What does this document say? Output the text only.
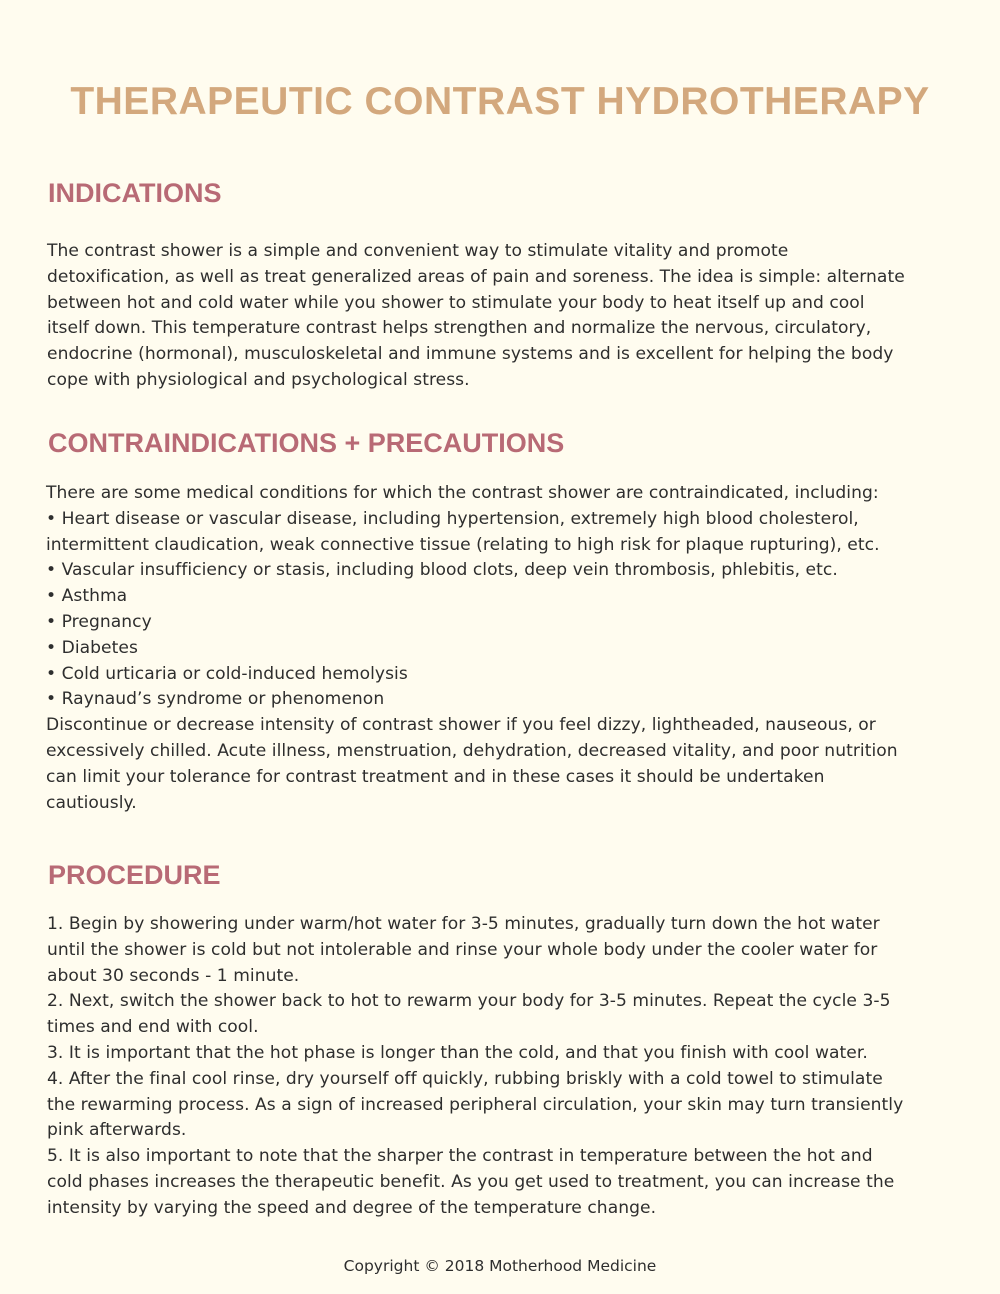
THERAPEUTIC CONTRAST HYDROTHERAPY
INDICATIONS
The contrast shower is a simple and convenient way to stimulate vitality and promote
detoxification, as well as treat generalized areas of pain and soreness. The idea is simple: alternate
between hot and cold water while you shower to stimulate your body to heat itself up and cool
itself down. This temperature contrast helps strengthen and normalize the nervous, circulatory,
endocrine (hormonal), musculoskeletal and immune systems and is excellent for helping the body
cope with physiological and psychological stress.
CONTRAINDICATIONS + PRECAUTIONS
There are some medical conditions for which the contrast shower are contraindicated, including:
• Heart disease or vascular disease, including hypertension, extremely high blood cholesterol,
intermittent claudication, weak connective tissue (relating to high risk for plaque rupturing), etc.
• Vascular insufficiency or stasis, including blood clots, deep vein thrombosis, phlebitis, etc.
• Asthma
• Pregnancy
• Diabetes
• Cold urticaria or cold-induced hemolysis
• Raynaud’s syndrome or phenomenon
Discontinue or decrease intensity of contrast shower if you feel dizzy, lightheaded, nauseous, or
excessively chilled. Acute illness, menstruation, dehydration, decreased vitality, and poor nutrition
can limit your tolerance for contrast treatment and in these cases it should be undertaken
cautiously.
PROCEDURE
1. Begin by showering under warm/hot water for 3-5 minutes, gradually turn down the hot water
until the shower is cold but not intolerable and rinse your whole body under the cooler water for
about 30 seconds - 1 minute.
2. Next, switch the shower back to hot to rewarm your body for 3-5 minutes. Repeat the cycle 3-5
times and end with cool.
3. It is important that the hot phase is longer than the cold, and that you finish with cool water.
4. After the final cool rinse, dry yourself off quickly, rubbing briskly with a cold towel to stimulate
the rewarming process. As a sign of increased peripheral circulation, your skin may turn transiently
pink afterwards.
5. It is also important to note that the sharper the contrast in temperature between the hot and
cold phases increases the therapeutic benefit. As you get used to treatment, you can increase the
intensity by varying the speed and degree of the temperature change.

Copyright © 2018 Motherhood Medicine
